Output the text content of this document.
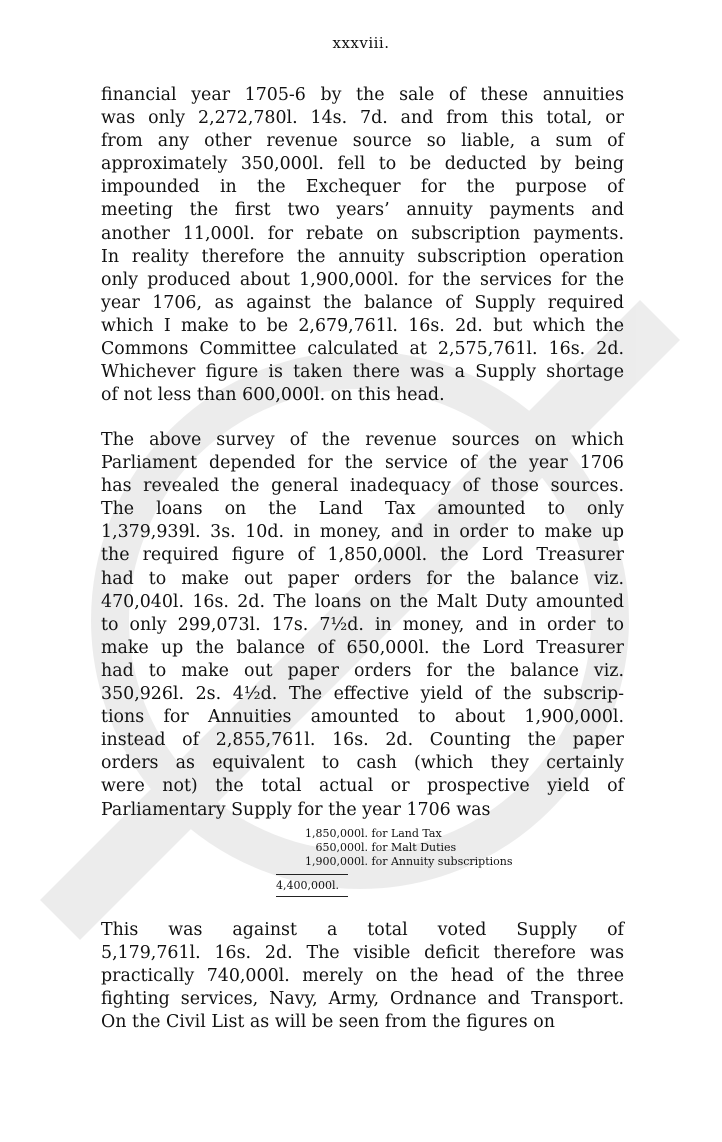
xxxviii.
financial year 1705-6 by the sale of these annuities
was only 2,272,780l. 14s. 7d. and from this total, or
from any other revenue source so liable, a sum of
approximately 350,000l. fell to be deducted by being
impounded in the Exchequer for the purpose of
meeting the first two years’ annuity payments and
another 11,000l. for rebate on subscription payments.
In reality therefore the annuity subscription operation
only produced about 1,900,000l. for the services for the
year 1706, as against the balance of Supply required
which I make to be 2,679,761l. 16s. 2d. but which the
Commons Committee calculated at 2,575,761l. 16s. 2d.
Whichever figure is taken there was a Supply shortage
of not less than 600,000l. on this head.
The above survey of the revenue sources on which
Parliament depended for the service of the year 1706
has revealed the general inadequacy of those sources.
The loans on the Land Tax amounted to only
1,379,939l. 3s. 10d. in money, and in order to make up
the required figure of 1,850,000l. the Lord Treasurer
had to make out paper orders for the balance viz.
470,040l. 16s. 2d. The loans on the Malt Duty amounted
to only 299,073l. 17s. 7½d. in money, and in order to
make up the balance of 650,000l. the Lord Treasurer
had to make out paper orders for the balance viz.
350,926l. 2s. 4½d. The effective yield of the subscrip-
tions for Annuities amounted to about 1,900,000l.
instead of 2,855,761l. 16s. 2d. Counting the paper
orders as equivalent to cash (which they certainly
were not) the total actual or prospective yield of
Parliamentary Supply for the year 1706 was
1,850,000l. for Land Tax
650,000l. for Malt Duties
1,900,000l. for Annuity subscriptions
4,400,000l.
This was against a total voted Supply of
5,179,761l. 16s. 2d. The visible deficit therefore was
practically 740,000l. merely on the head of the three
fighting services, Navy, Army, Ordnance and Transport.
On the Civil List as will be seen from the figures on
